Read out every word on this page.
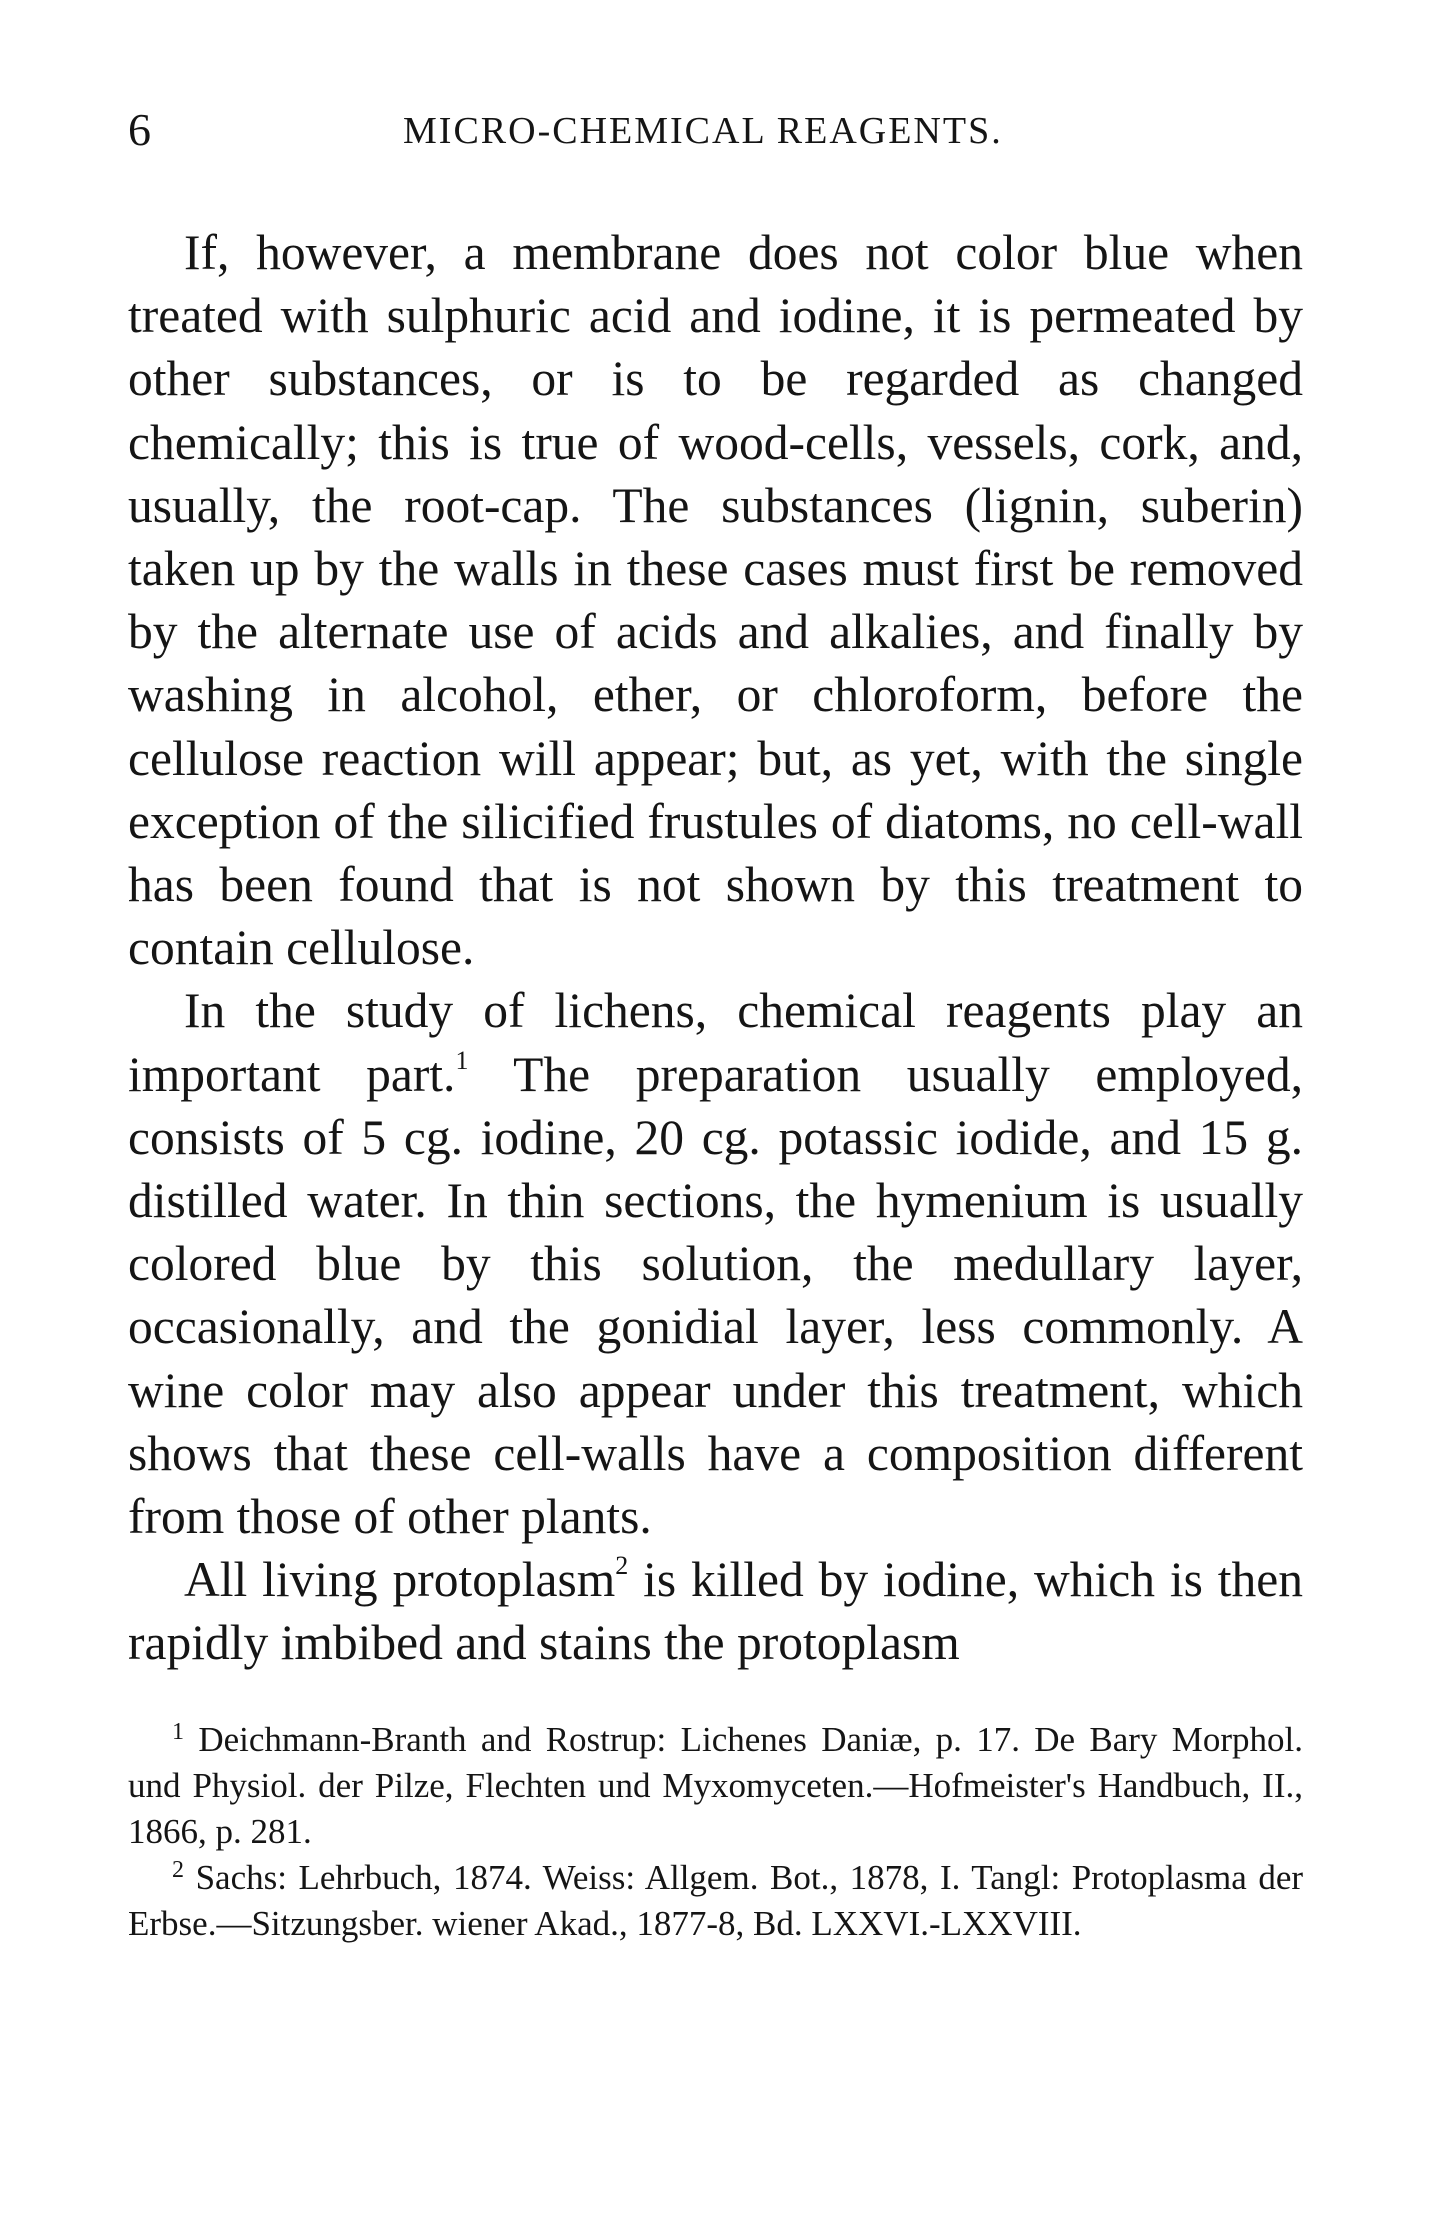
6	MICRO-CHEMICAL REAGENTS.

If, however, a membrane does not color blue when treated with sulphuric acid and iodine, it is permeated by other substances, or is to be regarded as changed chemically; this is true of wood-cells, vessels, cork, and, usually, the root-cap. The substances (lignin, suberin) taken up by the walls in these cases must first be removed by the alternate use of acids and alkalies, and finally by washing in alcohol, ether, or chloroform, before the cellulose reaction will appear; but, as yet, with the single exception of the silicified frustules of diatoms, no cell-wall has been found that is not shown by this treatment to contain cellulose.

In the study of lichens, chemical reagents play an important part.$^1$ The preparation usually employed, consists of 5 cg. iodine, 20 cg. potassic iodide, and 15 g. distilled water. In thin sections, the hymenium is usually colored blue by this solution, the medullary layer, occasionally, and the gonidial layer, less commonly. A wine color may also appear under this treatment, which shows that these cell-walls have a composition different from those of other plants.

All living protoplasm$^2$ is killed by iodine, which is then rapidly imbibed and stains the protoplasm

$^1$ Deichmann-Branth and Rostrup: Lichenes Daniæ, p. 17. De Bary Morphol. und Physiol. der Pilze, Flechten und Myxomyceten.—Hofmeister's Handbuch, II., 1866, p. 281.

$^2$ Sachs: Lehrbuch, 1874. Weiss: Allgem. Bot., 1878, I. Tangl: Protoplasma der Erbse.—Sitzungsber. wiener Akad., 1877-8, Bd. LXXVI.-LXXVIII.
